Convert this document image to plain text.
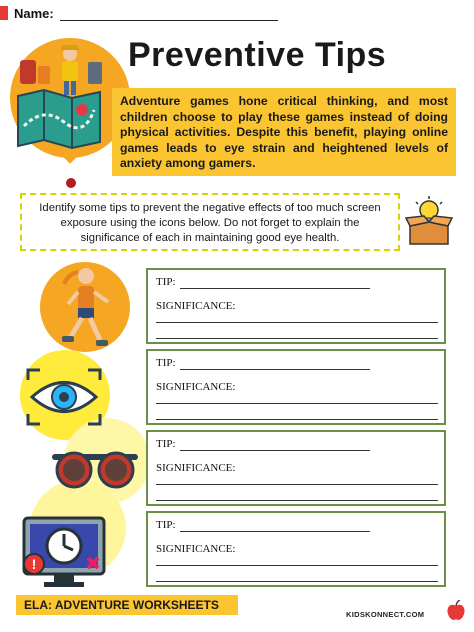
Name:
Preventive Tips
Adventure games hone critical thinking, and most children choose to play these games instead of doing physical activities. Despite this benefit, playing online games leads to eye strain and heightened levels of anxiety among gamers.
Identify some tips to prevent the negative effects of too much screen exposure using the icons below. Do not forget to explain the significance of each in maintaining good eye health.
!
TIP:
SIGNIFICANCE:
TIP:
SIGNIFICANCE:
TIP:
SIGNIFICANCE:
TIP:
SIGNIFICANCE:
ELA: ADVENTURE WORKSHEETS
KIDSKONNECT.COM
